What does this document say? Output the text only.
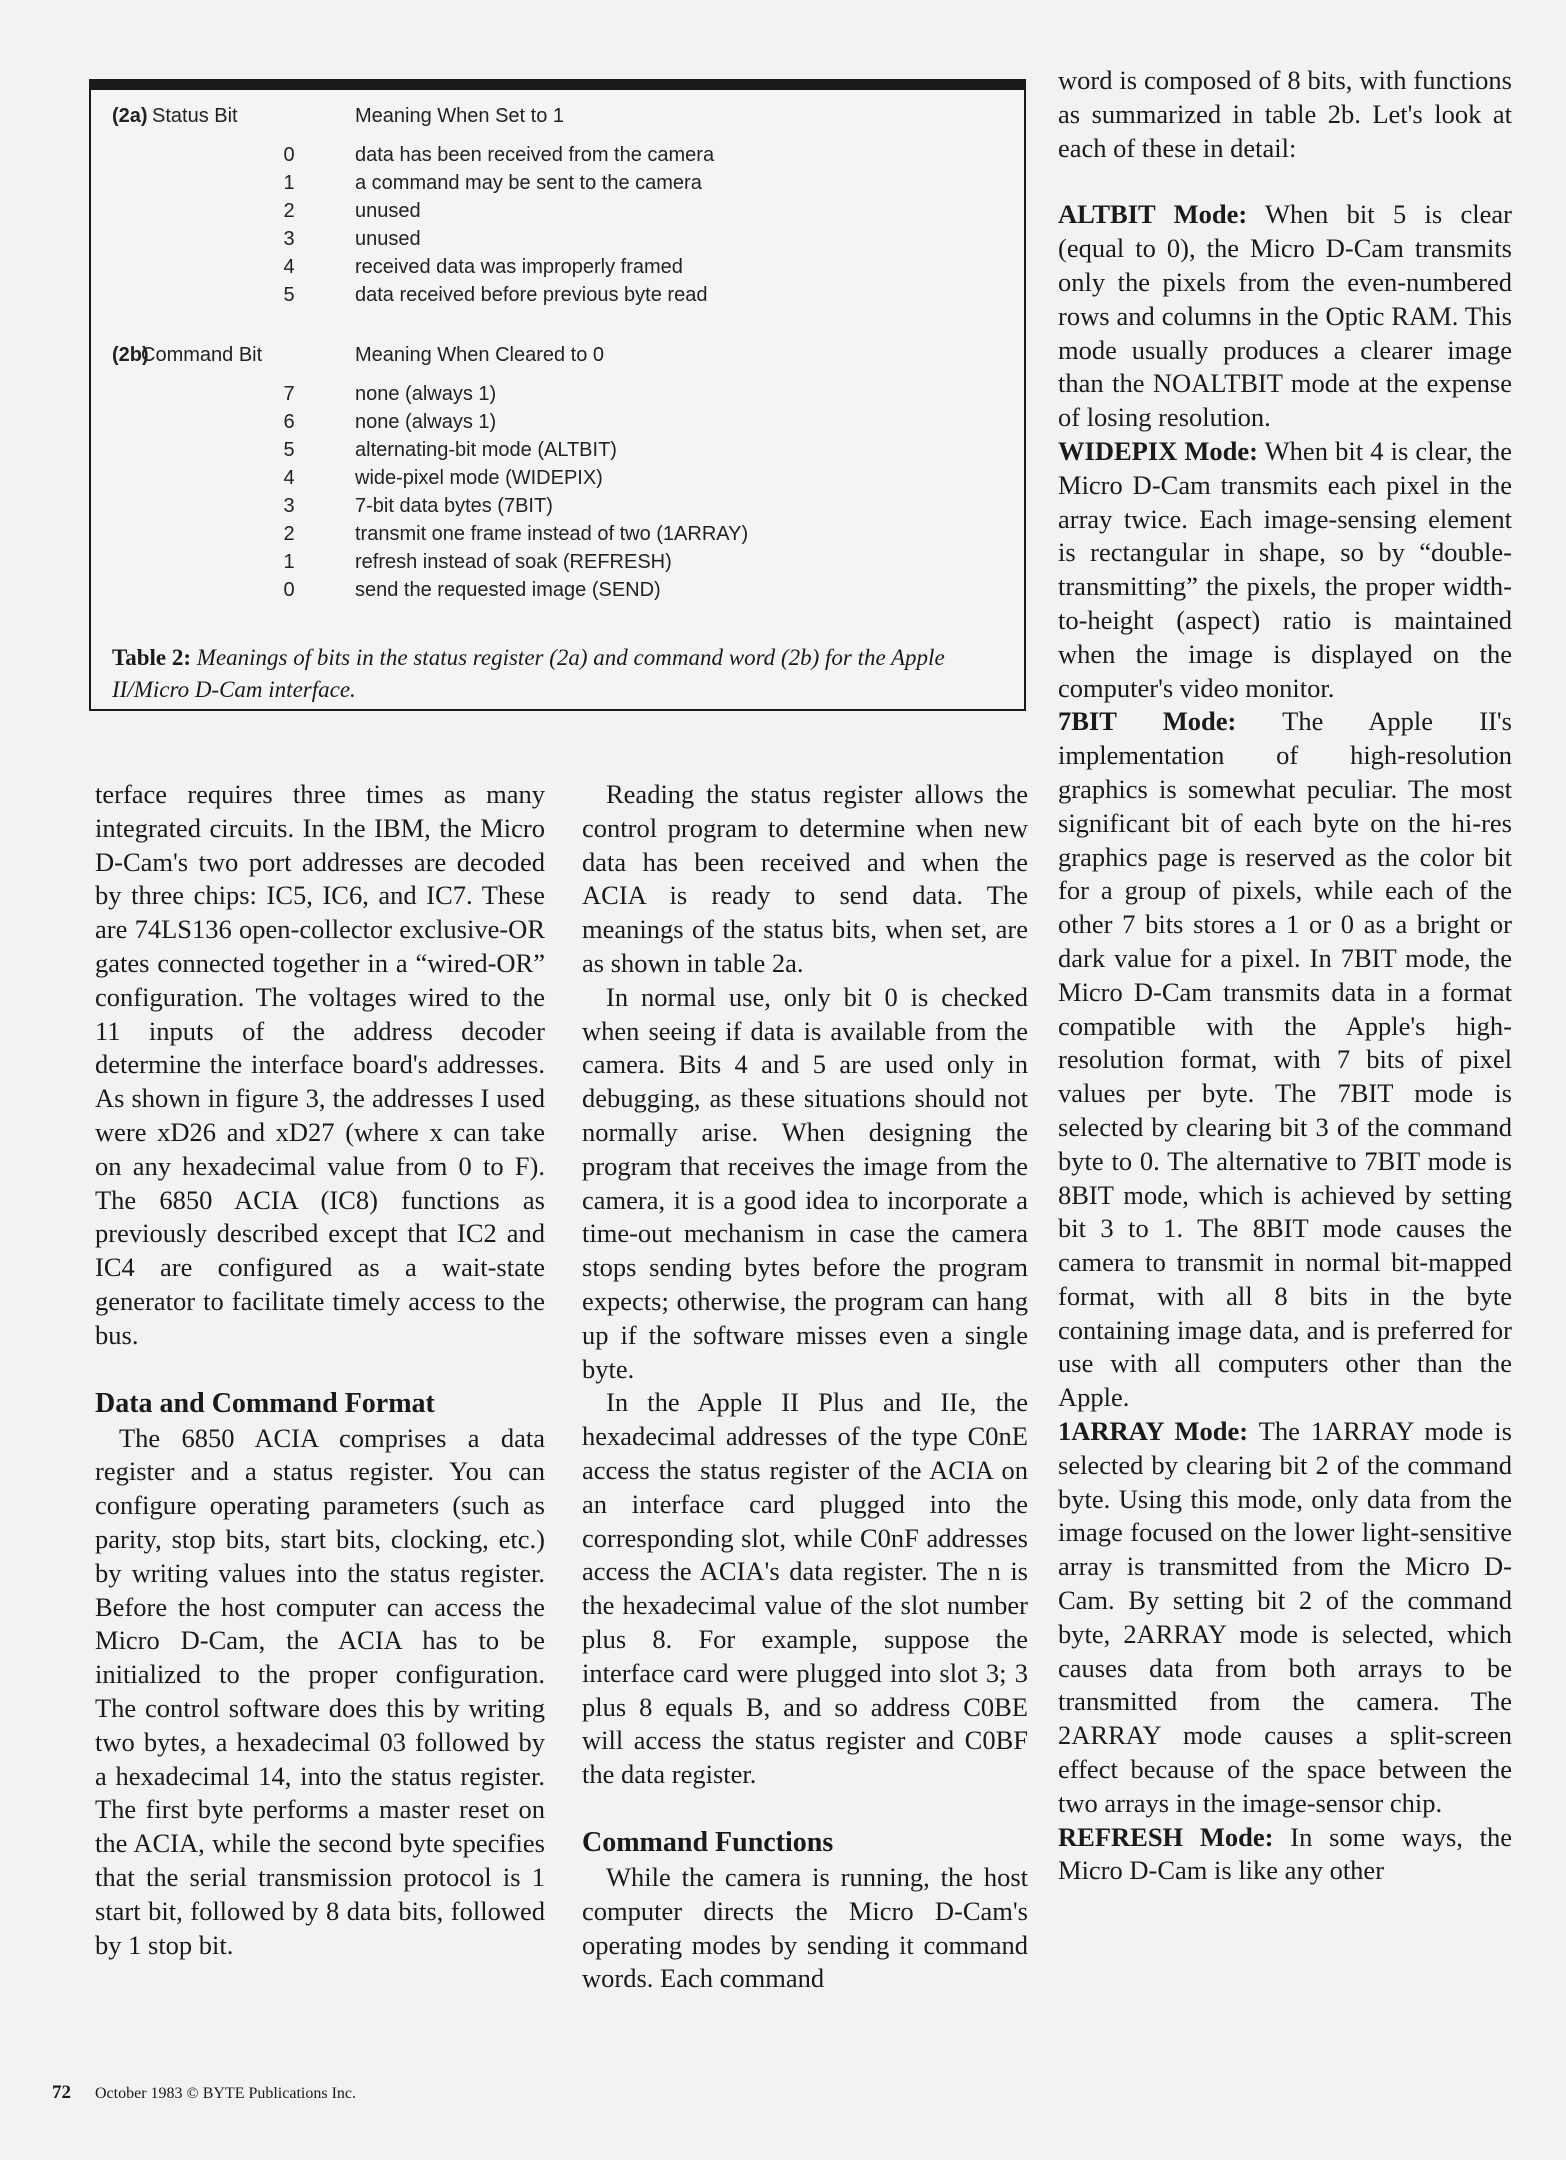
(2a) Status Bit	Meaning When Set to 1
0	data has been received from the camera
1	a command may be sent to the camera
2	unused
3	unused
4	received data was improperly framed
5	data received before previous byte read
(2b)
Command Bit	Meaning When Cleared to 0
7	none (always 1)
6	none (always 1)
5	alternating-bit mode (ALTBIT)
4	wide-pixel mode (WIDEPIX)
3	7-bit data bytes (7BIT)
2	transmit one frame instead of two (1ARRAY)
1	refresh instead of soak (REFRESH)
0	send the requested image (SEND)
Table 2: Meanings of bits in the status register (2a) and command word (2b) for the Apple II/Micro D-Cam interface.

terface requires three times as many integrated circuits. In the IBM, the Micro D-Cam's two port addresses are decoded by three chips: IC5, IC6, and IC7. These are 74LS136 open-collector exclusive-OR gates connected together in a “wired-OR” configuration. The voltages wired to the 11 inputs of the address decoder determine the interface board's addresses. As shown in figure 3, the addresses I used were xD26 and xD27 (where x can take on any hexadecimal value from 0 to F). The 6850 ACIA (IC8) functions as previously described except that IC2 and IC4 are configured as a wait-state generator to facilitate timely access to the bus.

Data and Command Format

The 6850 ACIA comprises a data register and a status register. You can configure operating parameters (such as parity, stop bits, start bits, clocking, etc.) by writing values into the status register. Before the host computer can access the Micro D-Cam, the ACIA has to be initialized to the proper configuration. The control software does this by writing two bytes, a hexadecimal 03 followed by a hexadecimal 14, into the status register. The first byte performs a master reset on the ACIA, while the second byte specifies that the serial transmission protocol is 1 start bit, followed by 8 data bits, followed by 1 stop bit.

Reading the status register allows the control program to determine when new data has been received and when the ACIA is ready to send data. The meanings of the status bits, when set, are as shown in table 2a.

In normal use, only bit 0 is checked when seeing if data is available from the camera. Bits 4 and 5 are used only in debugging, as these situations should not normally arise. When designing the program that receives the image from the camera, it is a good idea to incorporate a time-out mechanism in case the camera stops sending bytes before the program expects; otherwise, the program can hang up if the software misses even a single byte.

In the Apple II Plus and IIe, the hexadecimal addresses of the type C0nE access the status register of the ACIA on an interface card plugged into the corresponding slot, while C0nF addresses access the ACIA's data register. The n is the hexadecimal value of the slot number plus 8. For example, suppose the interface card were plugged into slot 3; 3 plus 8 equals B, and so address C0BE will access the status register and C0BF the data register.

Command Functions

While the camera is running, the host computer directs the Micro D-Cam's operating modes by sending it command words. Each command

word is composed of 8 bits, with functions as summarized in table 2b. Let's look at each of these in detail:

ALTBIT Mode: When bit 5 is clear (equal to 0), the Micro D-Cam transmits only the pixels from the even-numbered rows and columns in the Optic RAM. This mode usually produces a clearer image than the NOALTBIT mode at the expense of losing resolution.

WIDEPIX Mode: When bit 4 is clear, the Micro D-Cam transmits each pixel in the array twice. Each image-sensing element is rectangular in shape, so by “double-transmitting” the pixels, the proper width-to-height (aspect) ratio is maintained when the image is displayed on the computer's video monitor.

7BIT Mode: The Apple II's implementation of high-resolution graphics is somewhat peculiar. The most significant bit of each byte on the hi-res graphics page is reserved as the color bit for a group of pixels, while each of the other 7 bits stores a 1 or 0 as a bright or dark value for a pixel. In 7BIT mode, the Micro D-Cam transmits data in a format compatible with the Apple's high-resolution format, with 7 bits of pixel values per byte. The 7BIT mode is selected by clearing bit 3 of the command byte to 0. The alternative to 7BIT mode is 8BIT mode, which is achieved by setting bit 3 to 1. The 8BIT mode causes the camera to transmit in normal bit-mapped format, with all 8 bits in the byte containing image data, and is preferred for use with all computers other than the Apple.

1ARRAY Mode: The 1ARRAY mode is selected by clearing bit 2 of the command byte. Using this mode, only data from the image focused on the lower light-sensitive array is transmitted from the Micro D-Cam. By setting bit 2 of the command byte, 2ARRAY mode is selected, which causes data from both arrays to be transmitted from the camera. The 2ARRAY mode causes a split-screen effect because of the space between the two arrays in the image-sensor chip.

REFRESH Mode: In some ways, the Micro D-Cam is like any other

72 October 1983 © BYTE Publications Inc.
